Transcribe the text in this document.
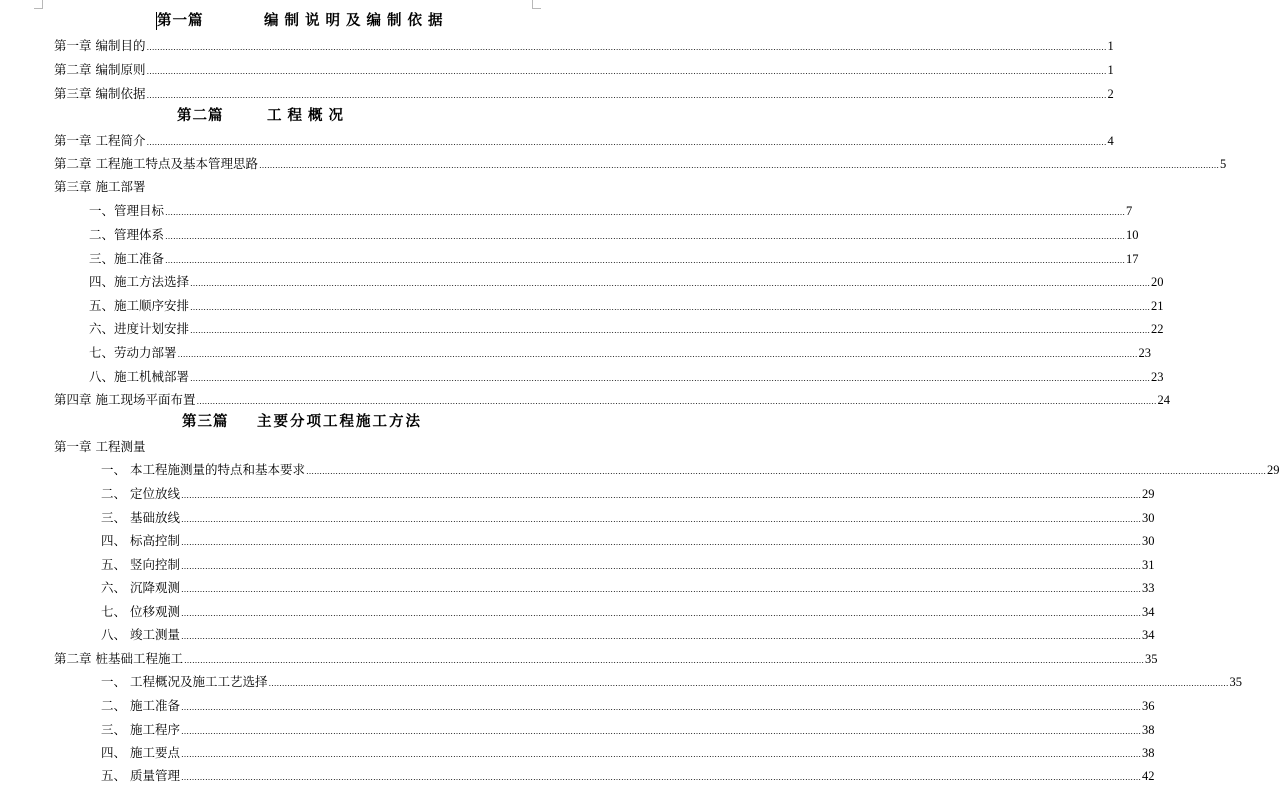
第一篇	编制说明及编制依据
第一章 编制目的 ……………………………………………………………………………………………………………………………………………………………………………………………………………………………………………………………………………………………………………………………… 1
第二章 编制原则 ……………………………………………………………………………………………………………………………………………………………………………………………………………………………………………………………………………………………………………………………… 1
第三章 编制依据 ……………………………………………………………………………………………………………………………………………………………………………………………………………………………………………………………………………………………………………………………… 2
第二篇	工程概况
第一章 工程简介 ……………………………………………………………………………………………………………………………………………………………………………………………………………………………………………………………………………………………………………………………… 4
第二章 工程施工特点及基本管理思路 ……………………………………………………………………………………………………………………………………………………………………………………………………………………………………………………………………………………………………………………………… 5
第三章 施工部署
一、管理目标 ……………………………………………………………………………………………………………………………………………………………………………………………………………………………………………………………………………………………………………………………… 7
二、管理体系 ……………………………………………………………………………………………………………………………………………………………………………………………………………………………………………………………………………………………………………………………… 10
三、施工准备 ……………………………………………………………………………………………………………………………………………………………………………………………………………………………………………………………………………………………………………………………… 17
四、施工方法选择 ……………………………………………………………………………………………………………………………………………………………………………………………………………………………………………………………………………………………………………………………… 20
五、施工顺序安排 ……………………………………………………………………………………………………………………………………………………………………………………………………………………………………………………………………………………………………………………………… 21
六、进度计划安排 ……………………………………………………………………………………………………………………………………………………………………………………………………………………………………………………………………………………………………………………………… 22
七、劳动力部署 ……………………………………………………………………………………………………………………………………………………………………………………………………………………………………………………………………………………………………………………………… 23
八、施工机械部署 ……………………………………………………………………………………………………………………………………………………………………………………………………………………………………………………………………………………………………………………………… 23
第四章 施工现场平面布置 ……………………………………………………………………………………………………………………………………………………………………………………………………………………………………………………………………………………………………………………………… 24
第三篇 主要分项工程施工方法
第一章 工程测量
一、 本工程施测量的特点和基本要求 ……………………………………………………………………………………………………………………………………………………………………………………………………………………………………………………………………………………………………………………………… 29
二、 定位放线 ……………………………………………………………………………………………………………………………………………………………………………………………………………………………………………………………………………………………………………………………… 29
三、 基础放线 ……………………………………………………………………………………………………………………………………………………………………………………………………………………………………………………………………………………………………………………………… 30
四、 标高控制 ……………………………………………………………………………………………………………………………………………………………………………………………………………………………………………………………………………………………………………………………… 30
五、 竖向控制 ……………………………………………………………………………………………………………………………………………………………………………………………………………………………………………………………………………………………………………………………… 31
六、 沉降观测 ……………………………………………………………………………………………………………………………………………………………………………………………………………………………………………………………………………………………………………………………… 33
七、 位移观测 ……………………………………………………………………………………………………………………………………………………………………………………………………………………………………………………………………………………………………………………………… 34
八、 竣工测量 ……………………………………………………………………………………………………………………………………………………………………………………………………………………………………………………………………………………………………………………………… 34
第二章 桩基础工程施工 ……………………………………………………………………………………………………………………………………………………………………………………………………………………………………………………………………………………………………………………………… 35
一、 工程概况及施工工艺选择 ……………………………………………………………………………………………………………………………………………………………………………………………………………………………………………………………………………………………………………………………… 35
二、 施工准备 ……………………………………………………………………………………………………………………………………………………………………………………………………………………………………………………………………………………………………………………………… 36
三、 施工程序 ……………………………………………………………………………………………………………………………………………………………………………………………………………………………………………………………………………………………………………………………… 38
四、 施工要点 ……………………………………………………………………………………………………………………………………………………………………………………………………………………………………………………………………………………………………………………………… 38
五、 质量管理 ……………………………………………………………………………………………………………………………………………………………………………………………………………………………………………………………………………………………………………………………… 42
